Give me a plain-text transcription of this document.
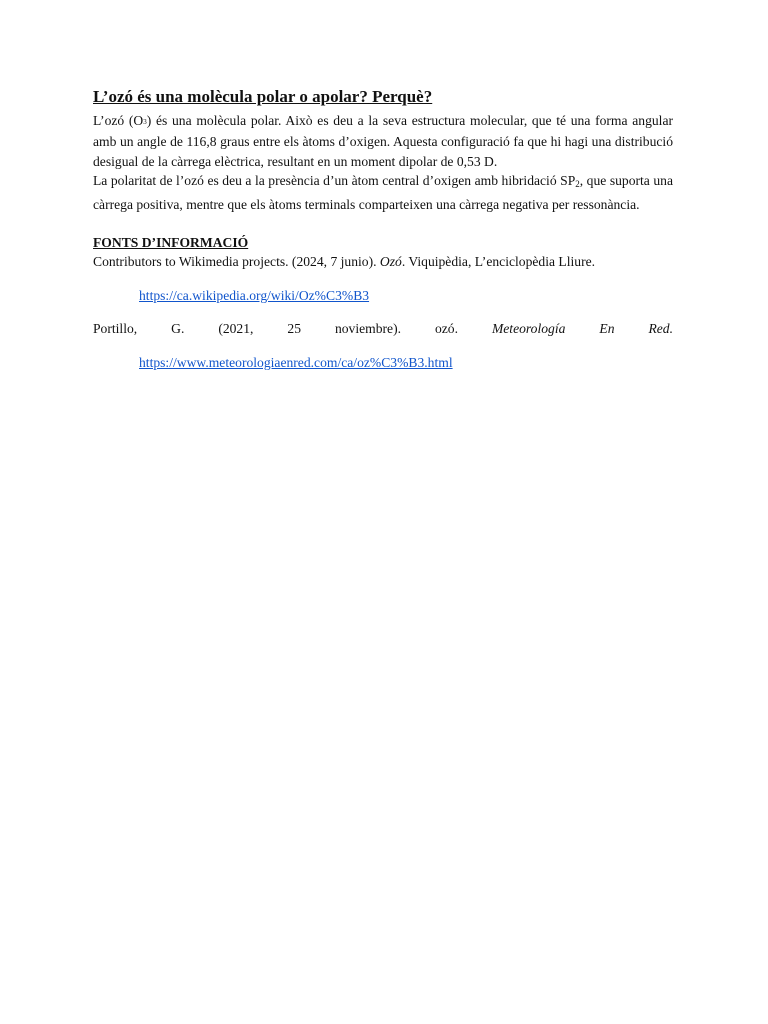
L’ozó és una molècula polar o apolar? Perquè?

L’ozó (O3) és una molècula polar. Això es deu a la seva estructura molecular, que té una forma angular amb un angle de 116,8 graus entre els àtoms d’oxigen. Aquesta configuració fa que hi hagi una distribució desigual de la càrrega elèctrica, resultant en un moment dipolar de 0,53 D.

La polaritat de l’ozó es deu a la presència d’un àtom central d’oxigen amb hibridació SP2, que suporta una càrrega positiva, mentre que els àtoms terminals comparteixen una càrrega negativa per ressonància.

FONTS D’INFORMACIÓ

Contributors to Wikimedia projects. (2024, 7 junio). Ozó. Viquipèdia, L’enciclopèdia Lliure.

https://ca.wikipedia.org/wiki/Oz%C3%B3

Portillo, G. (2021, 25 noviembre). ozó. Meteorología En Red.

https://www.meteorologiaenred.com/ca/oz%C3%B3.html
